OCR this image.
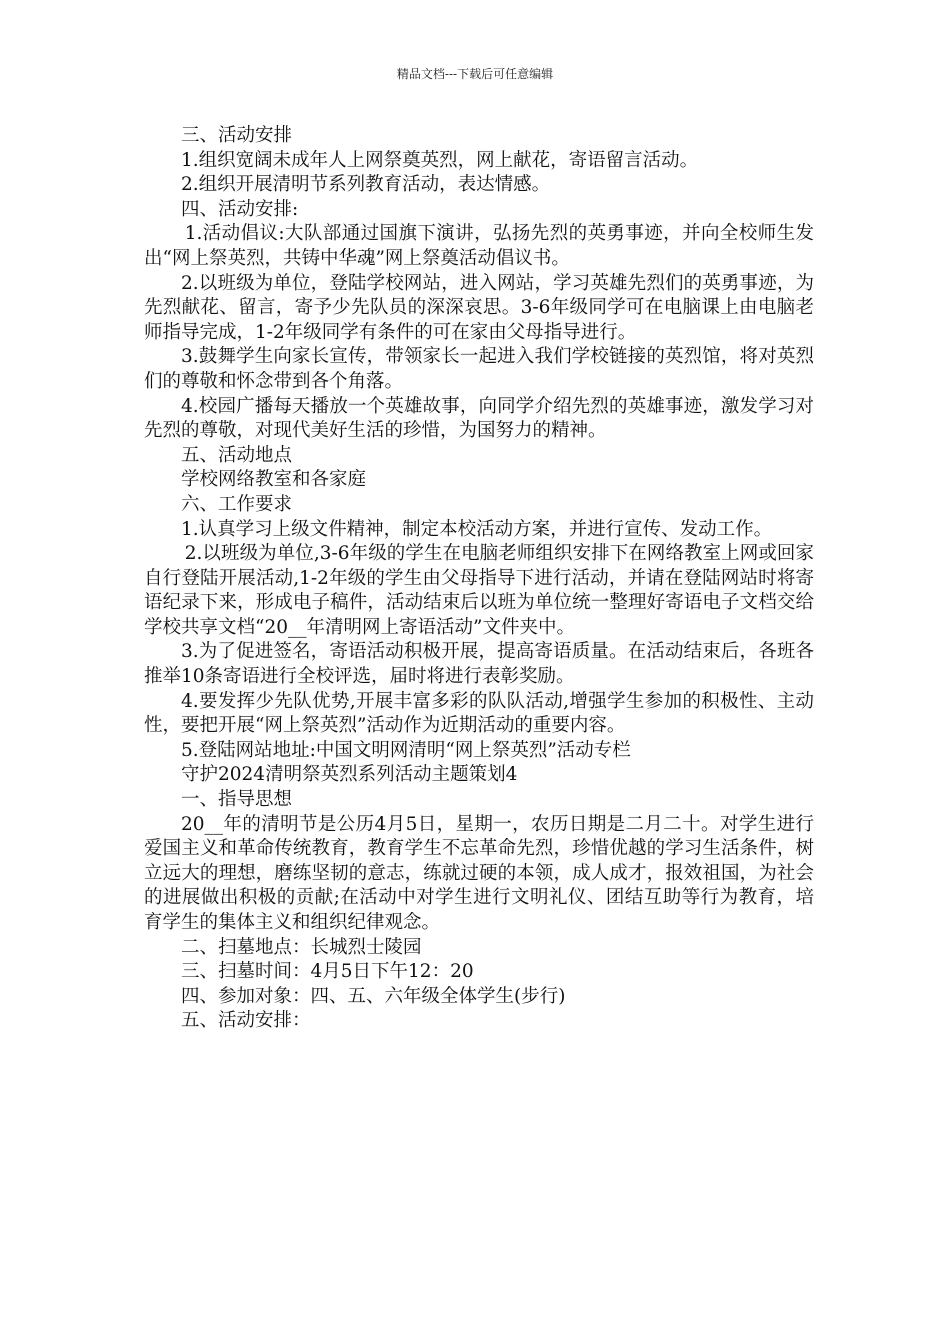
精品文档---下载后可任意编辑

三、活动安排

1.组织宽阔未成年人上网祭奠英烈，网上献花，寄语留言活动。

2.组织开展清明节系列教育活动，表达情感。

四、活动安排:

1.活动倡议:大队部通过国旗下演讲，弘扬先烈的英勇事迹，并向全校师生发出“网上祭英烈，共铸中华魂”网上祭奠活动倡议书。

2.以班级为单位，登陆学校网站，进入网站，学习英雄先烈们的英勇事迹，为先烈献花、留言，寄予少先队员的深深哀思。3-6年级同学可在电脑课上由电脑老师指导完成，1-2年级同学有条件的可在家由父母指导进行。

3.鼓舞学生向家长宣传，带领家长一起进入我们学校链接的英烈馆，将对英烈们的尊敬和怀念带到各个角落。

4.校园广播每天播放一个英雄故事，向同学介绍先烈的英雄事迹，激发学习对先烈的尊敬，对现代美好生活的珍惜，为国努力的精神。

五、活动地点

学校网络教室和各家庭

六、工作要求

1.认真学习上级文件精神，制定本校活动方案，并进行宣传、发动工作。

2.以班级为单位,3-6年级的学生在电脑老师组织安排下在网络教室上网或回家自行登陆开展活动,1-2年级的学生由父母指导下进行活动，并请在登陆网站时将寄语纪录下来，形成电子稿件，活动结束后以班为单位统一整理好寄语电子文档交给学校共享文档“20__年清明网上寄语活动”文件夹中。

3.为了促进签名，寄语活动积极开展，提高寄语质量。在活动结束后，各班各推举10条寄语进行全校评选，届时将进行表彰奖励。

4.要发挥少先队优势,开展丰富多彩的队队活动,增强学生参加的积极性、主动性，要把开展“网上祭英烈”活动作为近期活动的重要内容。

5.登陆网站地址:中国文明网清明“网上祭英烈”活动专栏

守护2024清明祭英烈系列活动主题策划4

一、指导思想

20__年的清明节是公历4月5日，星期一，农历日期是二月二十。对学生进行爱国主义和革命传统教育，教育学生不忘革命先烈，珍惜优越的学习生活条件，树立远大的理想，磨练坚韧的意志，练就过硬的本领，成人成才，报效祖国，为社会的进展做出积极的贡献;在活动中对学生进行文明礼仪、团结互助等行为教育，培育学生的集体主义和组织纪律观念。

二、扫墓地点：长城烈士陵园

三、扫墓时间：4月5日下午12：20

四、参加对象：四、五、六年级全体学生(步行)

五、活动安排：
